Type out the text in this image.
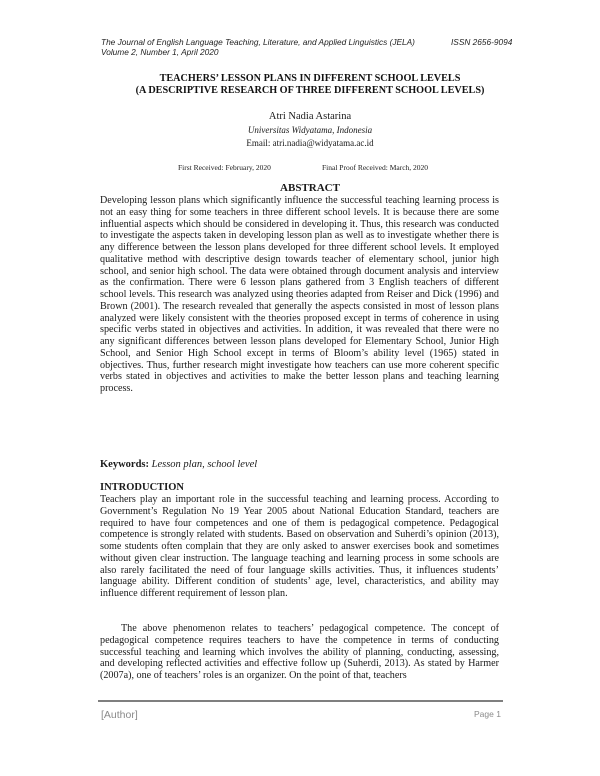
The Journal of English Language Teaching, Literature, and Applied Linguistics (JELA)	ISSN 2656-9094
Volume 2, Number 1, April 2020
TEACHERS’ LESSON PLANS IN DIFFERENT SCHOOL LEVELS
(A DESCRIPTIVE RESEARCH OF THREE DIFFERENT SCHOOL LEVELS)
Atri Nadia Astarina
Universitas Widyatama, Indonesia
Email: atri.nadia@widyatama.ac.id
First Received: February, 2020	Final Proof Received: March, 2020
ABSTRACT

Developing lesson plans which significantly influence the successful teaching learning process is not an easy thing for some teachers in three different school levels. It is because there are some influential aspects which should be considered in developing it. Thus, this research was conducted to investigate the aspects taken in developing lesson plan as well as to investigate whether there is any difference between the lesson plans developed for three different school levels. It employed qualitative method with descriptive design towards teacher of elementary school, junior high school, and senior high school. The data were obtained through document analysis and interview as the confirmation. There were 6 lesson plans gathered from 3 English teachers of different school levels. This research was analyzed using theories adapted from Reiser and Dick (1996) and Brown (2001). The research revealed that generally the aspects consisted in most of lesson plans analyzed were likely consistent with the theories proposed except in terms of coherence in using specific verbs stated in objectives and activities. In addition, it was revealed that there were no any significant differences between lesson plans developed for Elementary School, Junior High School, and Senior High School except in terms of Bloom’s ability level (1965) stated in objectives. Thus, further research might investigate how teachers can use more coherent specific verbs stated in objectives and activities to make the better lesson plans and teaching learning process.

Keywords: Lesson plan, school level
INTRODUCTION

Teachers play an important role in the successful teaching and learning process. According to Government’s Regulation No 19 Year 2005 about National Education Standard, teachers are required to have four competences and one of them is pedagogical competence. Pedagogical competence is strongly related with students. Based on observation and Suherdi’s opinion (2013), some students often complain that they are only asked to answer exercises book and sometimes without given clear instruction. The language teaching and learning process in some schools are also rarely facilitated the need of four language skills activities. Thus, it influences students’ language ability. Different condition of students’ age, level, characteristics, and ability may influence different requirement of lesson plan.

The above phenomenon relates to teachers’ pedagogical competence. The concept of pedagogical competence requires teachers to have the competence in terms of conducting successful teaching and learning which involves the ability of planning, conducting, assessing, and developing reflected activities and effective follow up (Suherdi, 2013). As stated by Harmer (2007a), one of teachers’ roles is an organizer. On the point of that, teachers

[Author]	Page 1
